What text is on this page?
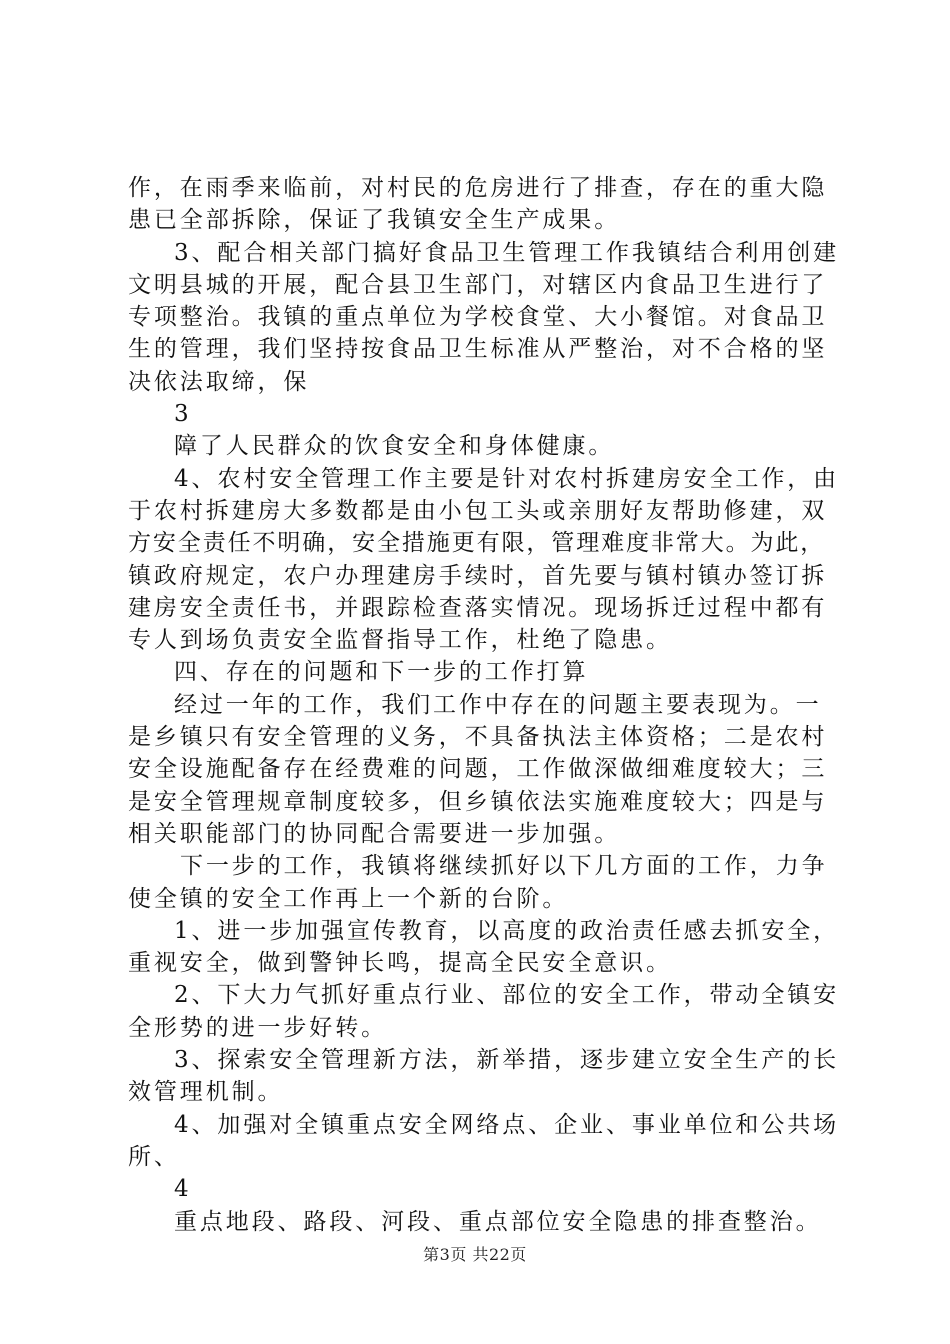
作，在雨季来临前，对村民的危房进行了排查，存在的重大隐
患已全部拆除，保证了我镇安全生产成果。
3、配合相关部门搞好食品卫生管理工作我镇结合利用创建
文明县城的开展，配合县卫生部门，对辖区内食品卫生进行了
专项整治。我镇的重点单位为学校食堂、大小餐馆。对食品卫
生的管理，我们坚持按食品卫生标准从严整治，对不合格的坚
决依法取缔，保
3
障了人民群众的饮食安全和身体健康。
4、农村安全管理工作主要是针对农村拆建房安全工作，由
于农村拆建房大多数都是由小包工头或亲朋好友帮助修建，双
方安全责任不明确，安全措施更有限，管理难度非常大。为此，
镇政府规定，农户办理建房手续时，首先要与镇村镇办签订拆
建房安全责任书，并跟踪检查落实情况。现场拆迁过程中都有
专人到场负责安全监督指导工作，杜绝了隐患。
四、存在的问题和下一步的工作打算
经过一年的工作，我们工作中存在的问题主要表现为。一
是乡镇只有安全管理的义务，不具备执法主体资格；二是农村
安全设施配备存在经费难的问题，工作做深做细难度较大；三
是安全管理规章制度较多，但乡镇依法实施难度较大；四是与
相关职能部门的协同配合需要进一步加强。
下一步的工作，我镇将继续抓好以下几方面的工作，力争
使全镇的安全工作再上一个新的台阶。
1、进一步加强宣传教育，以高度的政治责任感去抓安全，
重视安全，做到警钟长鸣，提高全民安全意识。
2、下大力气抓好重点行业、部位的安全工作，带动全镇安
全形势的进一步好转。
3、探索安全管理新方法，新举措，逐步建立安全生产的长
效管理机制。
4、加强对全镇重点安全网络点、企业、事业单位和公共场
所、
4
重点地段、路段、河段、重点部位安全隐患的排查整治。
第3页 共22页
